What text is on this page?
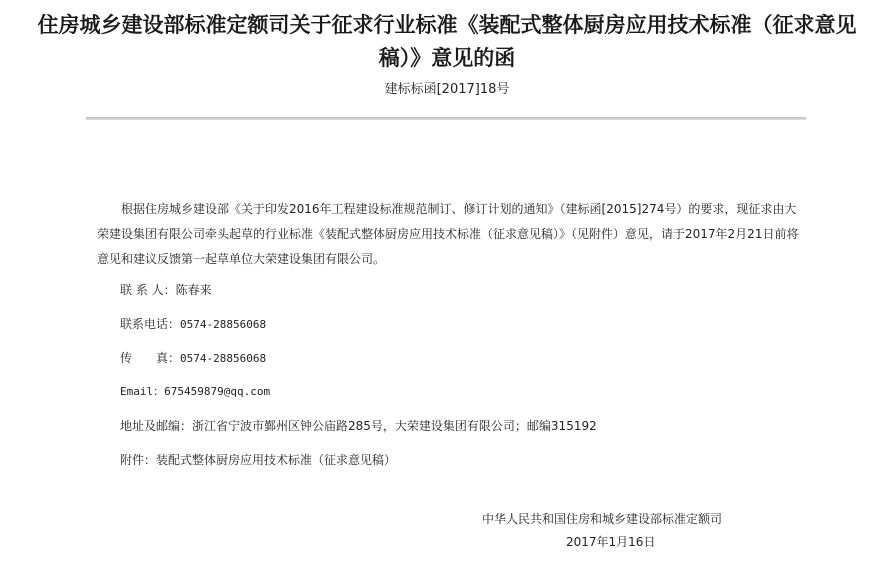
住房城乡建设部标准定额司关于征求行业标准《装配式整体厨房应用技术标准（征求意见稿）》意见的函
建标标函[2017]18号
根据住房城乡建设部《关于印发2016年工程建设标准规范制订、修订计划的通知》（建标函[2015]274号）的要求，现征求由大荣建设集团有限公司牵头起草的行业标准《装配式整体厨房应用技术标准（征求意见稿）》（见附件）意见，请于2017年2月21日前将意见和建议反馈第一起草单位大荣建设集团有限公司。
联 系 人：陈春来
联系电话：0574-28856068
传　　真：0574-28856068
Email：675459879@qq.com
地址及邮编：浙江省宁波市鄞州区钟公庙路285号，大荣建设集团有限公司；邮编315192
附件：装配式整体厨房应用技术标准（征求意见稿）
中华人民共和国住房和城乡建设部标准定额司
2017年1月16日
